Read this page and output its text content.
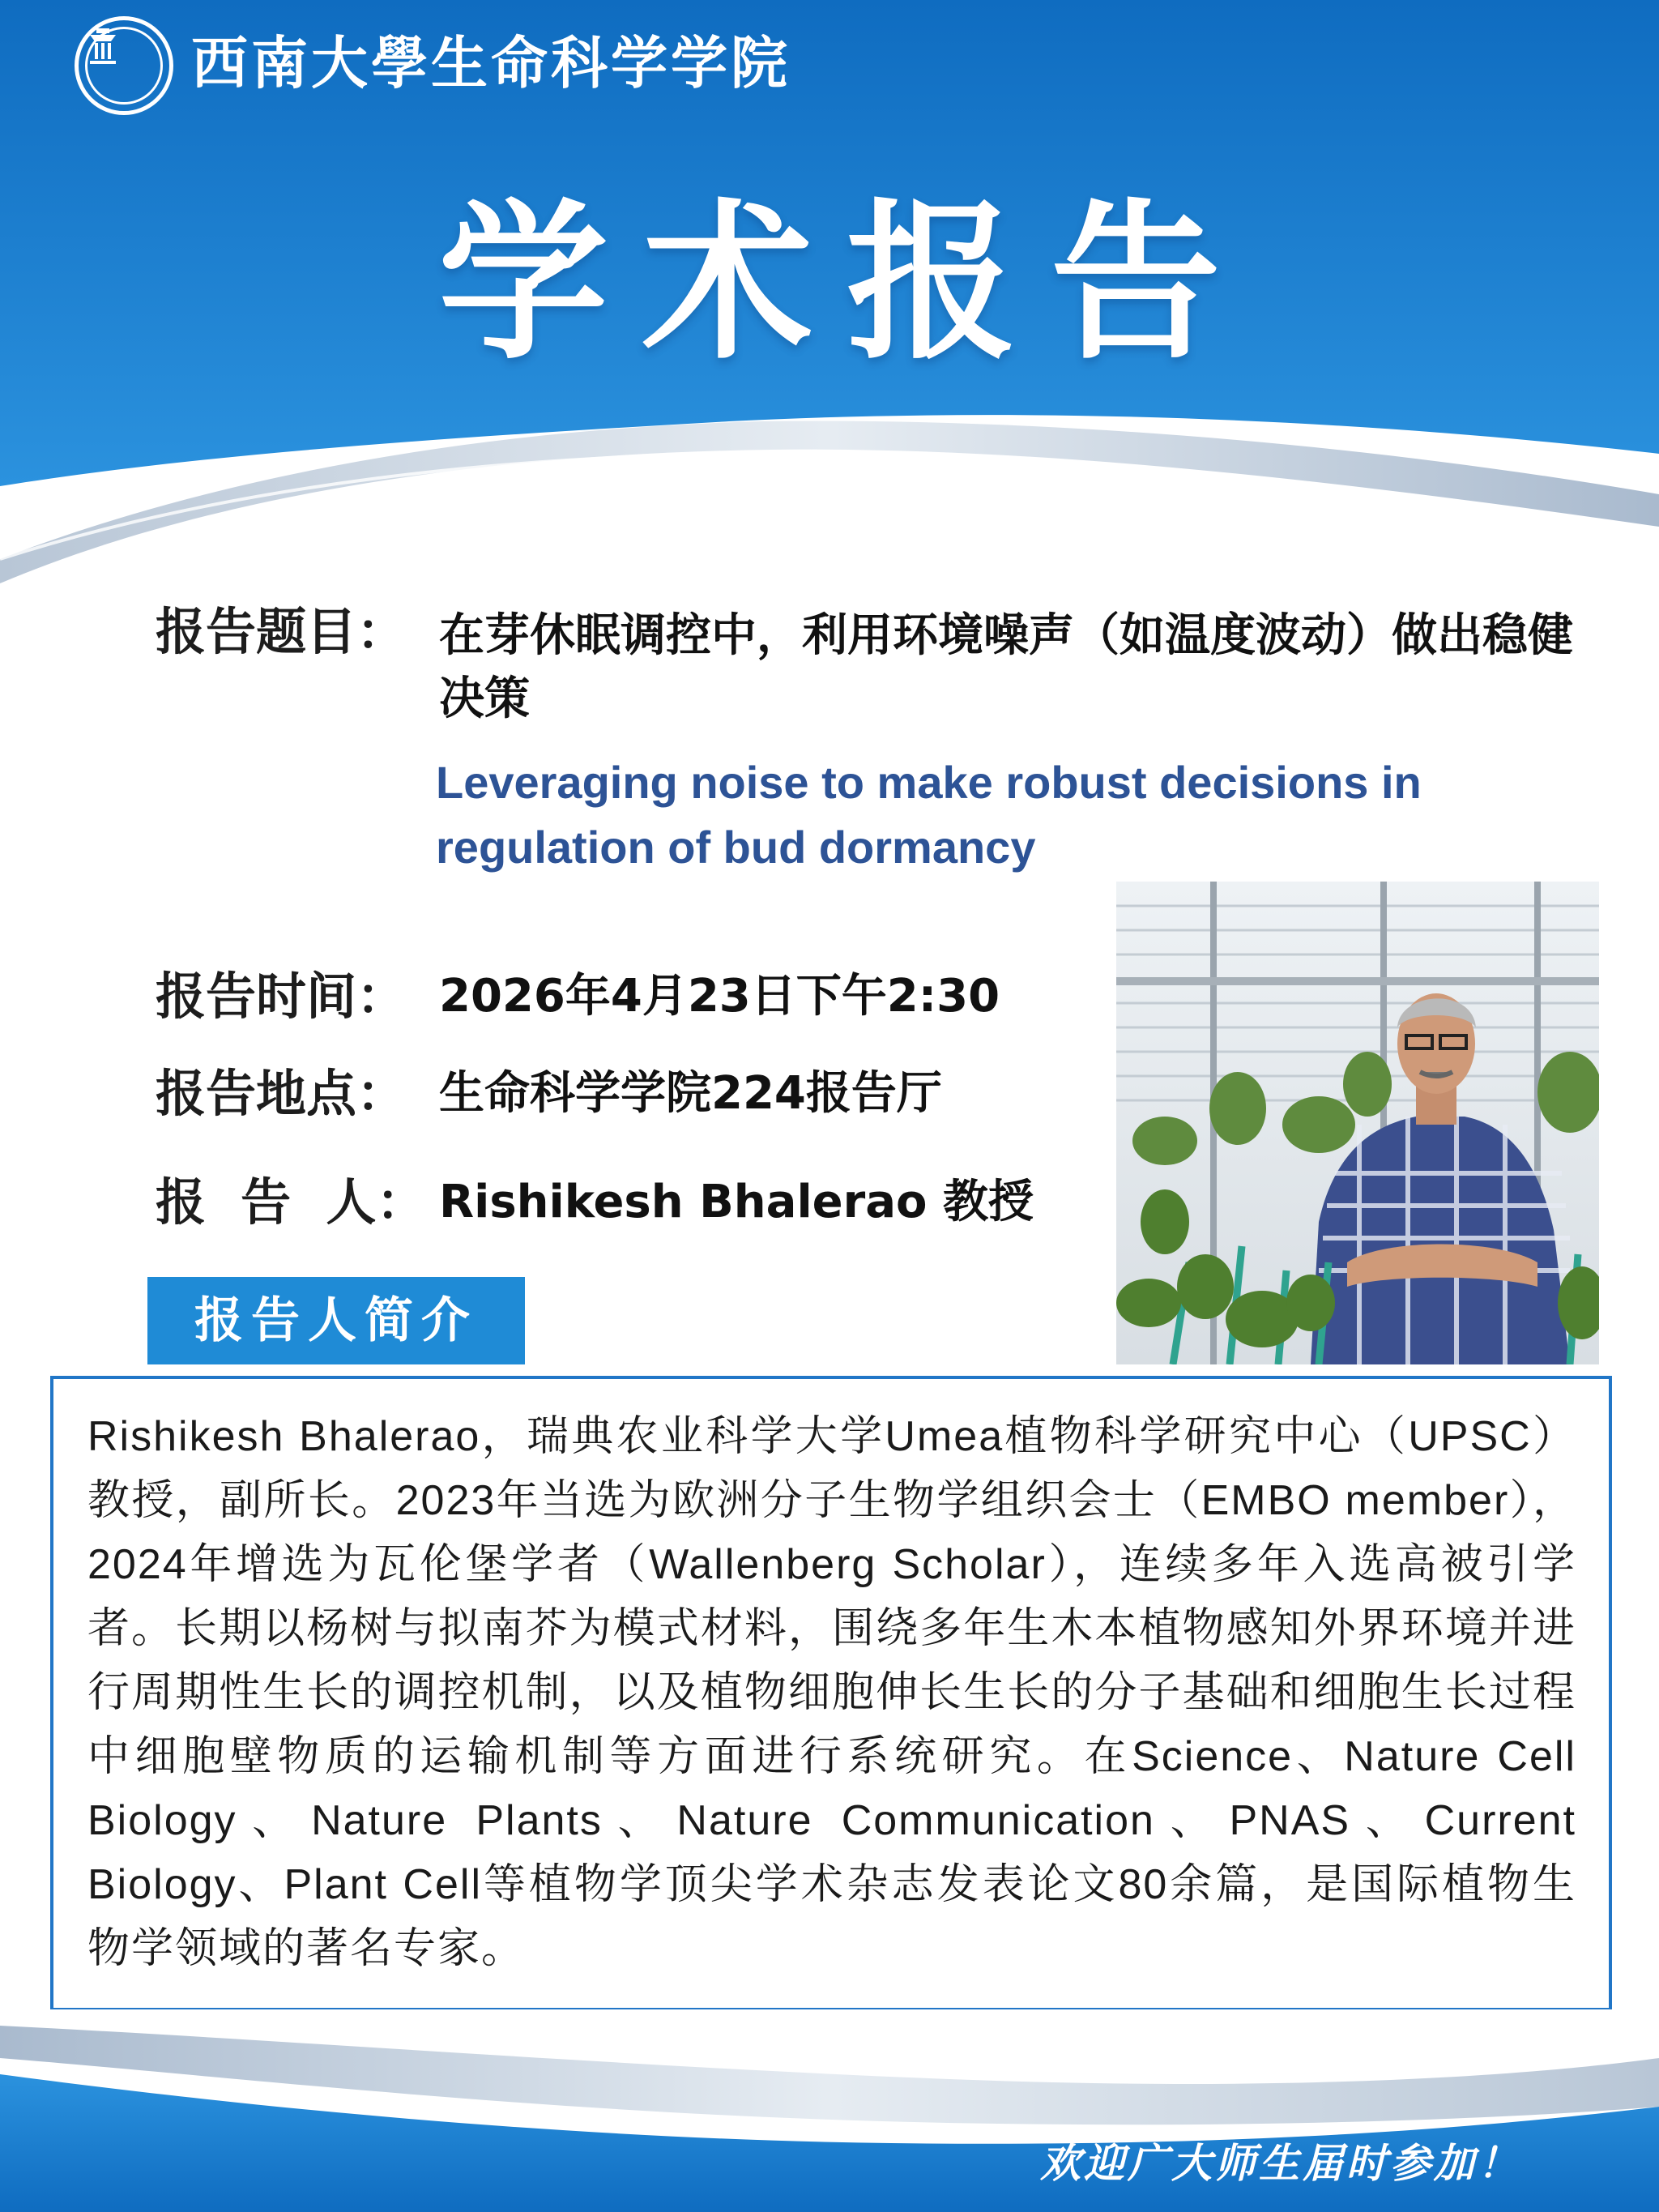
西南大學生命科学学院
学术报告
报告题目： 在芽休眠调控中，利用环境噪声（如温度波动）做出稳健决策
Leveraging noise to make robust decisions in regulation of bud dormancy
报告时间： 2026年4月23日下午2:30
报告地点： 生命科学学院224报告厅
报  告  人： Rishikesh Bhalerao 教授
报告人简介
Rishikesh Bhalerao，瑞典农业科学大学Umea植物科学研究中心（UPSC）教授，副所长。2023年当选为欧洲分子生物学组织会士（EMBO member），2024年增选为瓦伦堡学者（Wallenberg Scholar），连续多年入选高被引学者。长期以杨树与拟南芥为模式材料，围绕多年生木本植物感知外界环境并进行周期性生长的调控机制，以及植物细胞伸长生长的分子基础和细胞生长过程中细胞壁物质的运输机制等方面进行系统研究。在Science、Nature Cell Biology、Nature Plants、Nature Communication、PNAS、Current Biology、Plant Cell等植物学顶尖学术杂志发表论文80余篇，是国际植物生物学领域的著名专家。
欢迎广大师生届时参加！
